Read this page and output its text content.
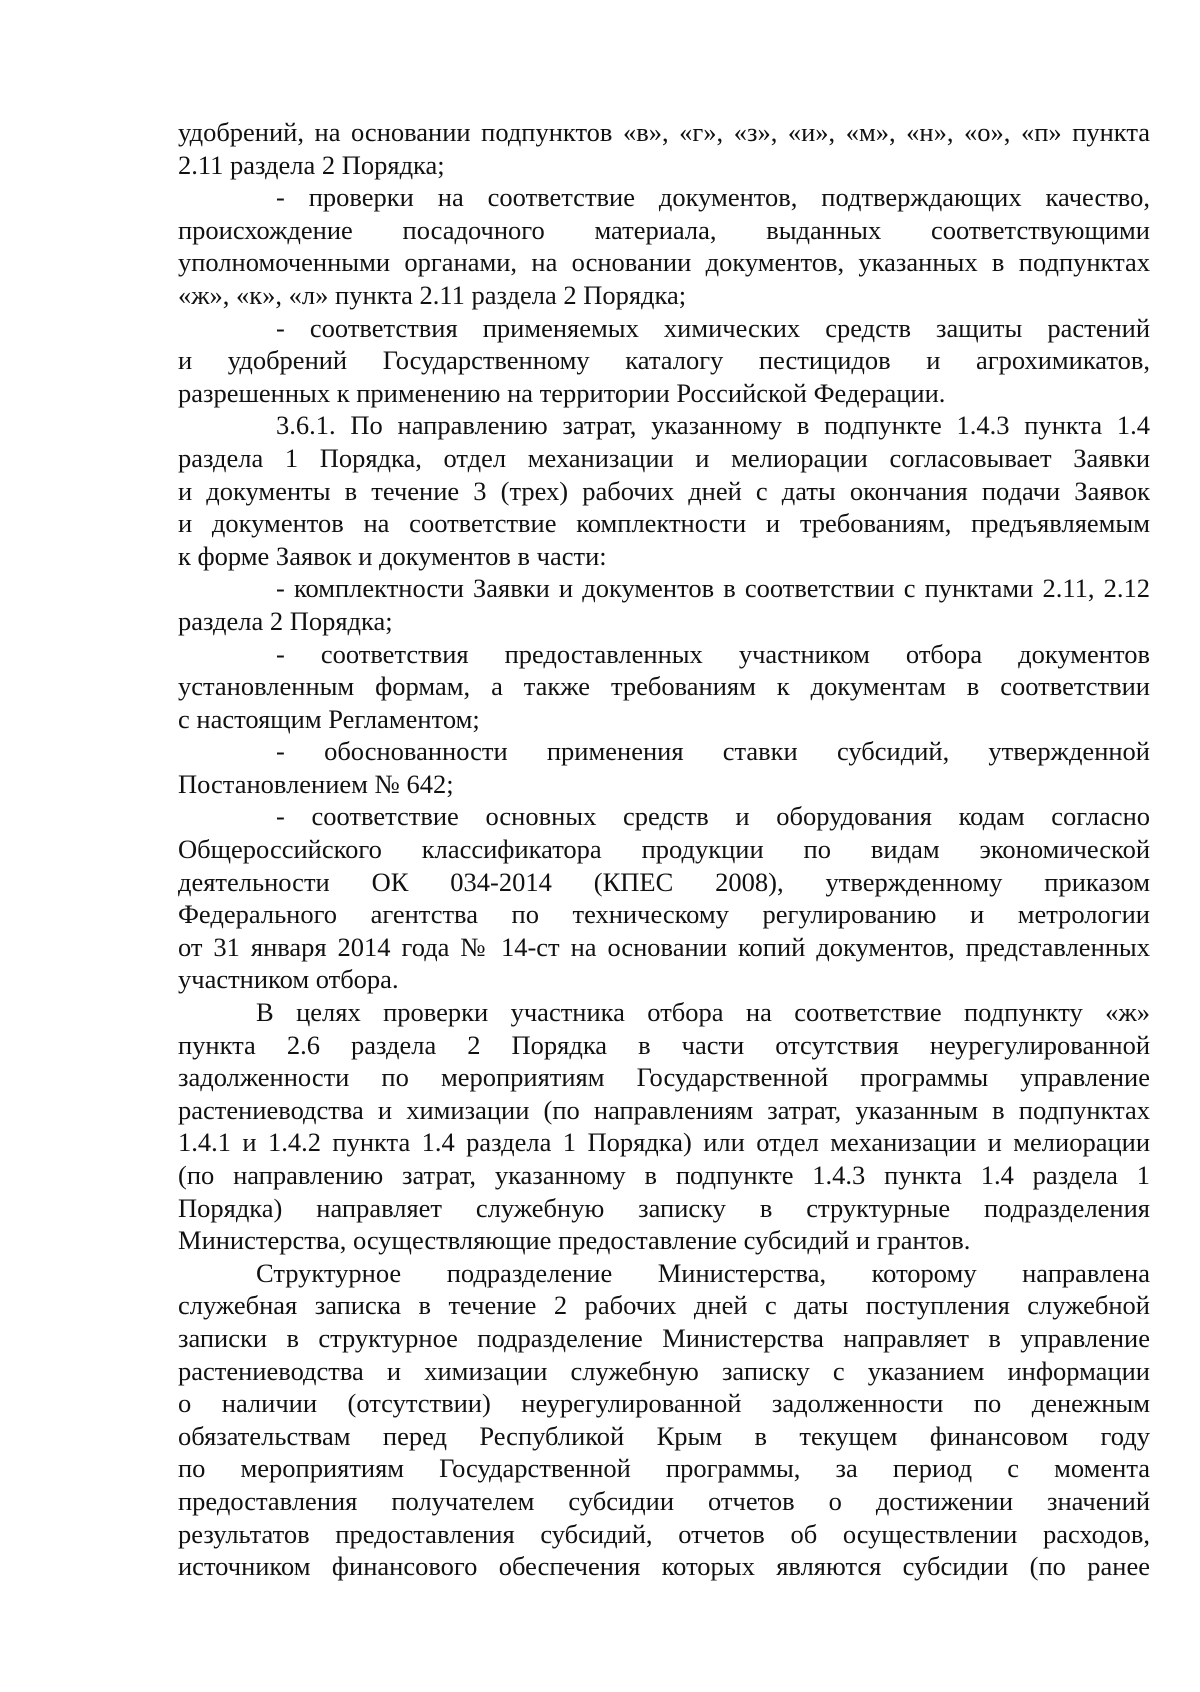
удобрений, на основании подпунктов «в», «г», «з», «и», «м», «н», «о», «п» пункта
2.11 раздела 2 Порядка;
- проверки на соответствие документов, подтверждающих качество,
происхождение посадочного материала, выданных соответствующими
уполномоченными органами, на основании документов, указанных в подпунктах
«ж», «к», «л» пункта 2.11 раздела 2 Порядка;
- соответствия применяемых химических средств защиты растений
и удобрений Государственному каталогу пестицидов и агрохимикатов,
разрешенных к применению на территории Российской Федерации.
3.6.1. По направлению затрат, указанному в подпункте 1.4.3 пункта 1.4
раздела 1 Порядка, отдел механизации и мелиорации согласовывает Заявки
и документы в течение 3 (трех) рабочих дней с даты окончания подачи Заявок
и документов на соответствие комплектности и требованиям, предъявляемым
к форме Заявок и документов в части:
- комплектности Заявки и документов в соответствии с пунктами 2.11, 2.12
раздела 2 Порядка;
- соответствия предоставленных участником отбора документов
установленным формам, а также требованиям к документам в соответствии
с настоящим Регламентом;
- обоснованности применения ставки субсидий, утвержденной
Постановлением № 642;
- соответствие основных средств и оборудования кодам согласно
Общероссийского классификатора продукции по видам экономической
деятельности ОК 034-2014 (КПЕС 2008), утвержденному приказом
Федерального агентства по техническому регулированию и метрологии
от 31 января 2014 года № 14-ст на основании копий документов, представленных
участником отбора.
В целях проверки участника отбора на соответствие подпункту «ж»
пункта 2.6 раздела 2 Порядка в части отсутствия неурегулированной
задолженности по мероприятиям Государственной программы управление
растениеводства и химизации (по направлениям затрат, указанным в подпунктах
1.4.1 и 1.4.2 пункта 1.4 раздела 1 Порядка) или отдел механизации и мелиорации
(по направлению затрат, указанному в подпункте 1.4.3 пункта 1.4 раздела 1
Порядка) направляет служебную записку в структурные подразделения
Министерства, осуществляющие предоставление субсидий и грантов.
Структурное подразделение Министерства, которому направлена
служебная записка в течение 2 рабочих дней с даты поступления служебной
записки в структурное подразделение Министерства направляет в управление
растениеводства и химизации служебную записку с указанием информации
о наличии (отсутствии) неурегулированной задолженности по денежным
обязательствам перед Республикой Крым в текущем финансовом году
по мероприятиям Государственной программы, за период с момента
предоставления получателем субсидии отчетов о достижении значений
результатов предоставления субсидий, отчетов об осуществлении расходов,
источником финансового обеспечения которых являются субсидии (по ранее
